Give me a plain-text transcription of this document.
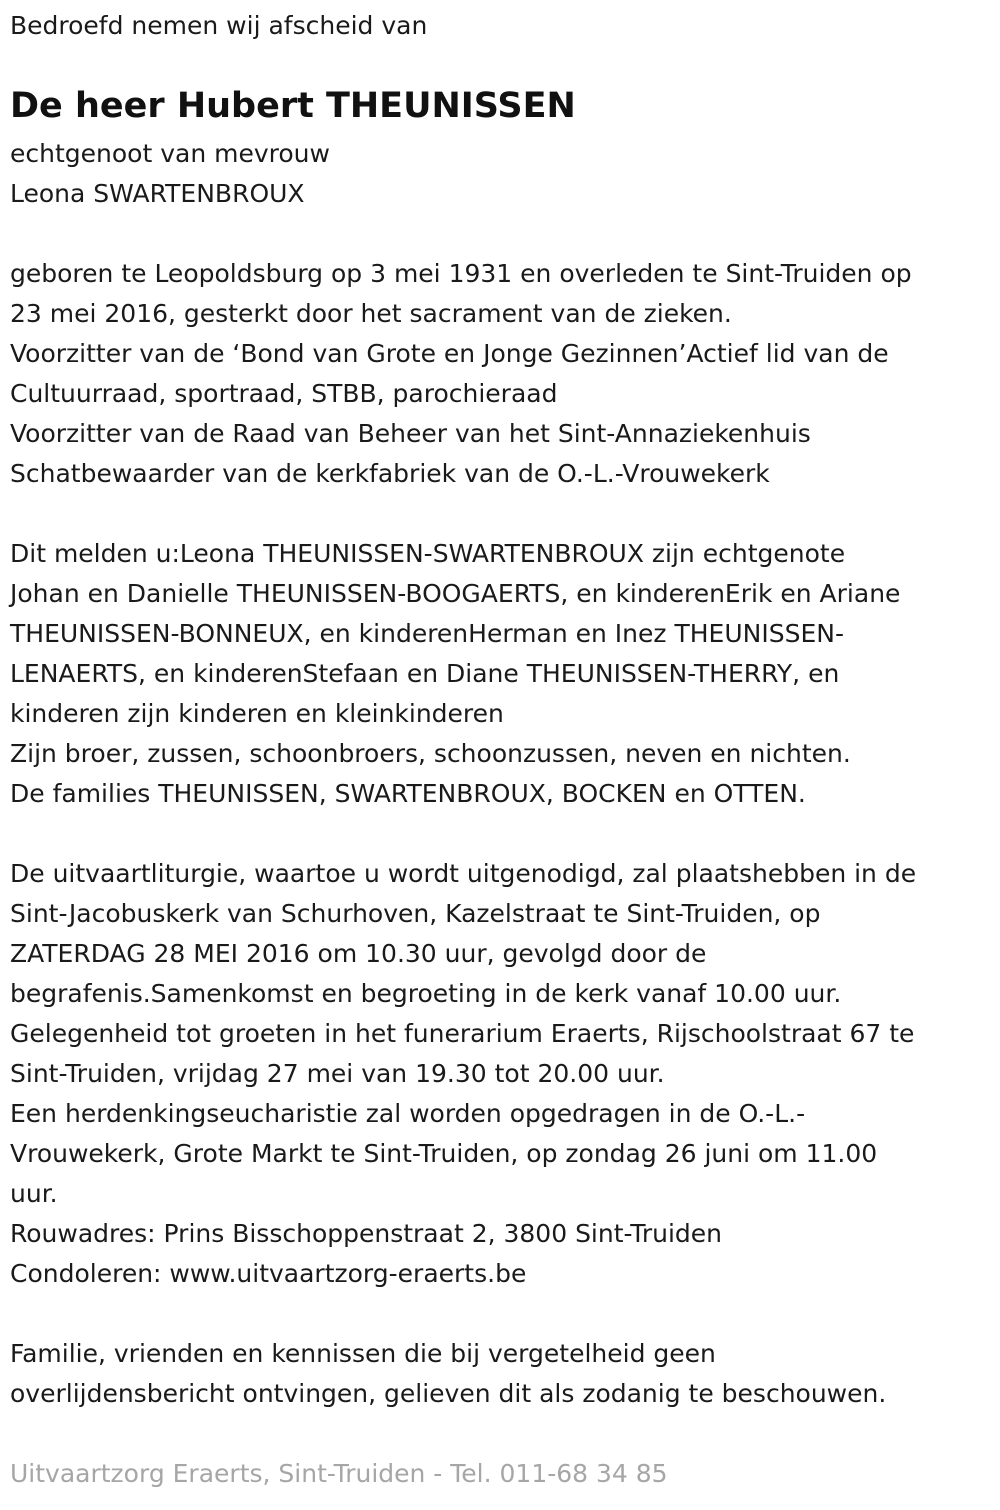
Bedroefd nemen wij afscheid van
De heer Hubert THEUNISSEN
echtgenoot van mevrouw
Leona SWARTENBROUX
geboren te Leopoldsburg op 3 mei 1931 en overleden te Sint-Truiden op
23 mei 2016, gesterkt door het sacrament van de zieken.
Voorzitter van de ‘Bond van Grote en Jonge Gezinnen’Actief lid van de
Cultuurraad, sportraad, STBB, parochieraad
Voorzitter van de Raad van Beheer van het Sint-Annaziekenhuis
Schatbewaarder van de kerkfabriek van de O.-L.-Vrouwekerk
Dit melden u:Leona THEUNISSEN-SWARTENBROUX zijn echtgenote
Johan en Danielle THEUNISSEN-BOOGAERTS, en kinderenErik en Ariane
THEUNISSEN-BONNEUX, en kinderenHerman en Inez THEUNISSEN-
LENAERTS, en kinderenStefaan en Diane THEUNISSEN-THERRY, en
kinderen zijn kinderen en kleinkinderen
Zijn broer, zussen, schoonbroers, schoonzussen, neven en nichten.
De families THEUNISSEN, SWARTENBROUX, BOCKEN en OTTEN.
De uitvaartliturgie, waartoe u wordt uitgenodigd, zal plaatshebben in de
Sint-Jacobuskerk van Schurhoven, Kazelstraat te Sint-Truiden, op
ZATERDAG 28 MEI 2016 om 10.30 uur, gevolgd door de
begrafenis.Samenkomst en begroeting in de kerk vanaf 10.00 uur.
Gelegenheid tot groeten in het funerarium Eraerts, Rijschoolstraat 67 te
Sint-Truiden, vrijdag 27 mei van 19.30 tot 20.00 uur.
Een herdenkingseucharistie zal worden opgedragen in de O.-L.-
Vrouwekerk, Grote Markt te Sint-Truiden, op zondag 26 juni om 11.00
uur.
Rouwadres: Prins Bisschoppenstraat 2, 3800 Sint-Truiden
Condoleren: www.uitvaartzorg-eraerts.be
Familie, vrienden en kennissen die bij vergetelheid geen
overlijdensbericht ontvingen, gelieven dit als zodanig te beschouwen.
Uitvaartzorg Eraerts, Sint-Truiden - Tel. 011-68 34 85
